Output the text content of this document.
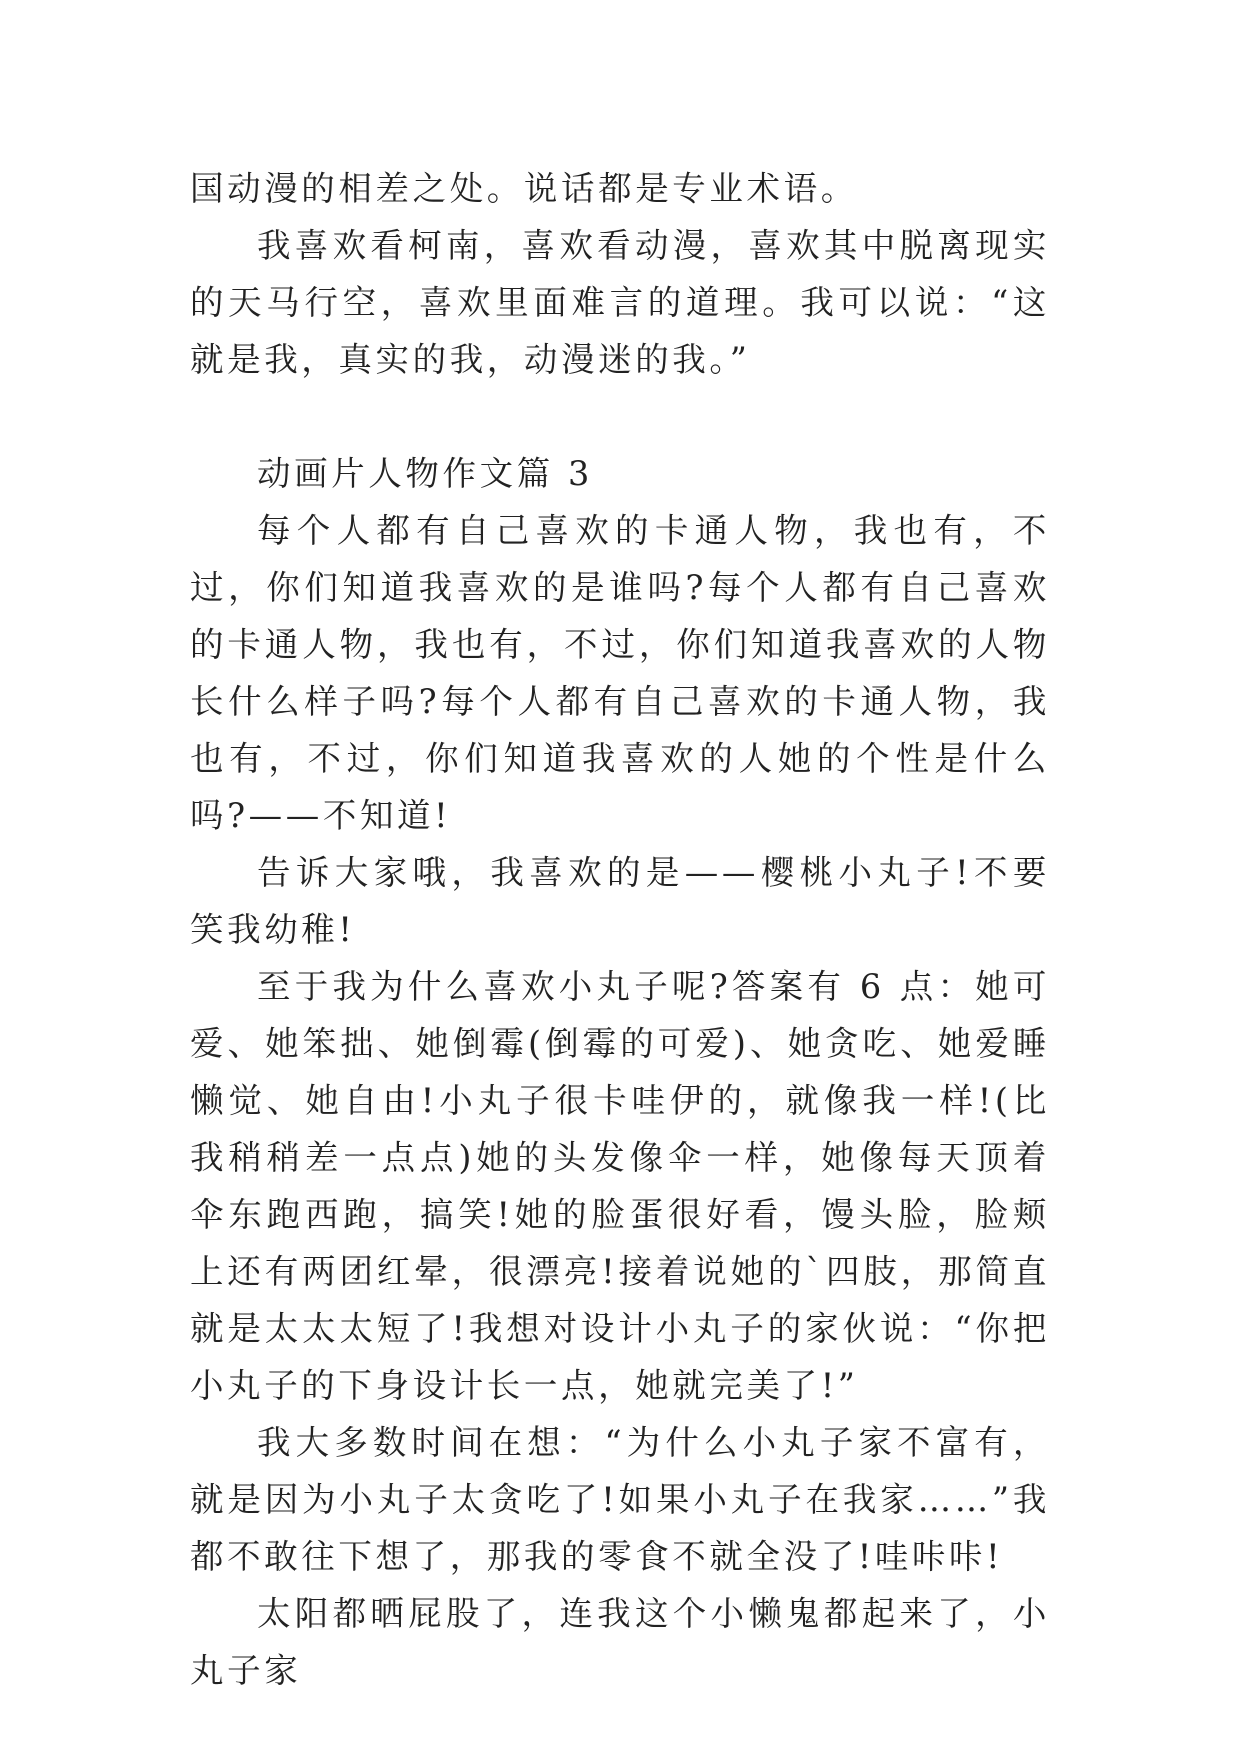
国动漫的相差之处。说话都是专业术语。

我喜欢看柯南，喜欢看动漫，喜欢其中脱离现实的天马行空，喜欢里面难言的道理。我可以说：“这就是我，真实的我，动漫迷的我。”

动画片人物作文篇 3

每个人都有自己喜欢的卡通人物，我也有，不过，你们知道我喜欢的是谁吗?每个人都有自己喜欢的卡通人物，我也有，不过，你们知道我喜欢的人物长什么样子吗?每个人都有自己喜欢的卡通人物，我也有，不过，你们知道我喜欢的人她的个性是什么吗?——不知道!

告诉大家哦，我喜欢的是——樱桃小丸子!不要笑我幼稚!

至于我为什么喜欢小丸子呢?答案有 6 点：她可爱、她笨拙、她倒霉(倒霉的可爱)、她贪吃、她爱睡懒觉、她自由!小丸子很卡哇伊的，就像我一样!(比我稍稍差一点点)她的头发像伞一样，她像每天顶着伞东跑西跑，搞笑!她的脸蛋很好看，馒头脸，脸颊上还有两团红晕，很漂亮!接着说她的`四肢，那简直就是太太太短了!我想对设计小丸子的家伙说：“你把小丸子的下身设计长一点，她就完美了!”

我大多数时间在想：“为什么小丸子家不富有，就是因为小丸子太贪吃了!如果小丸子在我家……”我都不敢往下想了，那我的零食不就全没了!哇咔咔!

太阳都晒屁股了，连我这个小懒鬼都起来了，小丸子家
